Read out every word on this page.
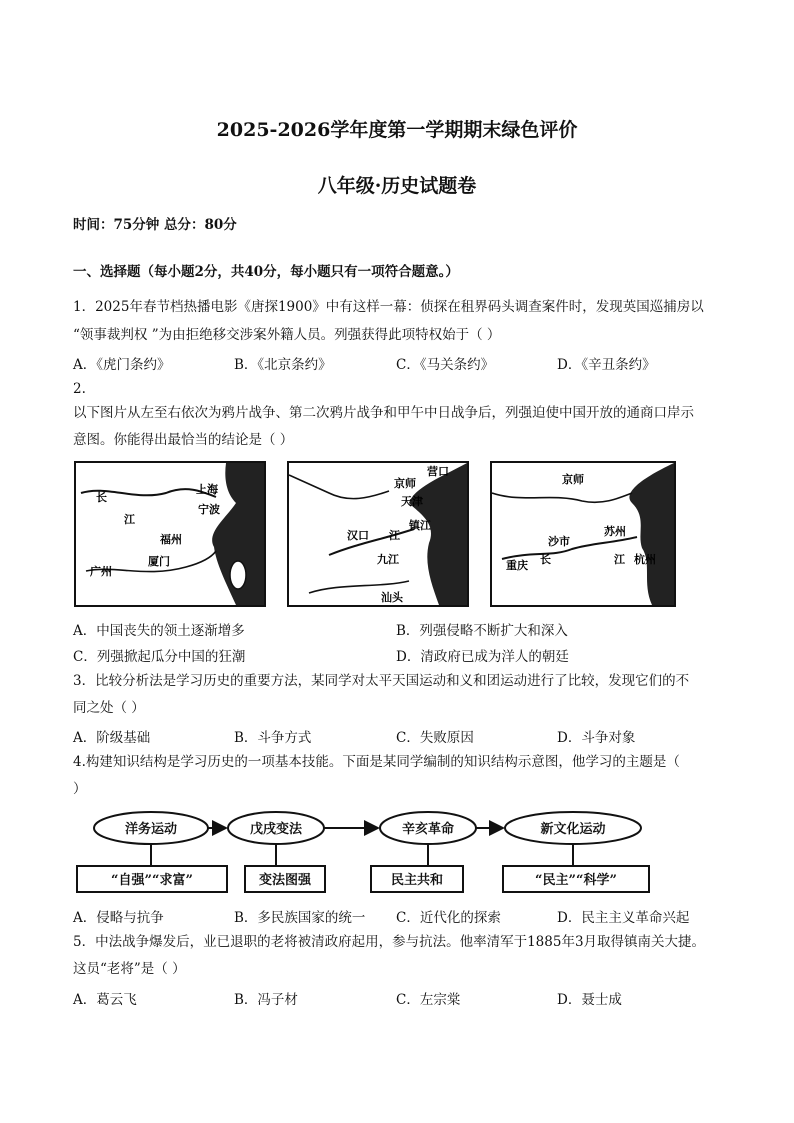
2025-2026学年度第一学期期末绿色评价
八年级·历史试题卷
时间：75分钟 总分：80分
一、选择题（每小题2分，共40分，每小题只有一项符合题意。）
1．2025年春节档热播电影《唐探1900》中有这样一幕：侦探在租界码头调查案件时，发现英国巡捕房以
“领事裁判权 ”为由拒绝移交涉案外籍人员。列强获得此项特权始于（ ）
A．《虎门条约》	B．《北京条约》	C．《马关条约》	D．《辛丑条约》
2.
以下图片从左至右依次为鸦片战争、第二次鸦片战争和甲午中日战争后，列强迫使中国开放的通商口岸示
意图。你能得出最恰当的结论是（ ）
长
江
上海
宁波
福州
厦门
广州
京师
营口
天津
镇江
汉口 江
九江
汕头
京师
沙市
苏州
重庆 长	江 杭州
A．中国丧失的领土逐渐增多	B．列强侵略不断扩大和深入
C．列强掀起瓜分中国的狂潮	D．清政府已成为洋人的朝廷
3．比较分析法是学习历史的重要方法，某同学对太平天国运动和义和团运动进行了比较，发现它们的不
同之处（ ）
A．阶级基础	B．斗争方式	C．失败原因	D．斗争对象
4.构建知识结构是学习历史的一项基本技能。下面是某同学编制的知识结构示意图，他学习的主题是（
）
洋务运动	戊戌变法	辛亥革命	新文化运动
“自强”“求富”	变法图强	民主共和	“民主”“科学”
A．侵略与抗争	B．多民族国家的统一 C．近代化的探索	D．民主主义革命兴起
5．中法战争爆发后，业已退职的老将被清政府起用，参与抗法。他率清军于1885年3月取得镇南关大捷。
这员“老将”是（ ）
A．葛云飞	B．冯子材	C．左宗棠	D．聂士成
